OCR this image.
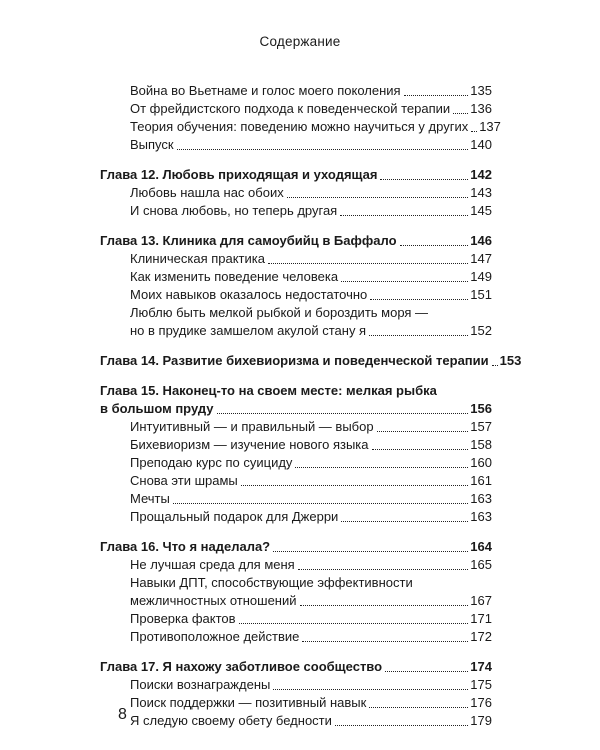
Содержание
Война во Вьетнаме и голос моего поколения	135
От фрейдистского подхода к поведенческой терапии 136
Теория обучения: поведению можно научиться у других 137
Выпуск	140
Глава 12. Любовь приходящая и уходящая	142
Любовь нашла нас обоих	143
И снова любовь, но теперь другая	145
Глава 13. Клиника для самоубийц в Баффало	146
Клиническая практика	147
Как изменить поведение человека	149
Моих навыков оказалось недостаточно	151
Люблю быть мелкой рыбкой и бороздить моря —
но в прудике замшелом акулой стану я	152
Глава 14. Развитие бихевиоризма и поведенческой терапии 153
Глава 15. Наконец-то на своем месте: мелкая рыбка
в большом пруду	156
Интуитивный — и правильный — выбор	157
Бихевиоризм — изучение нового языка	158
Преподаю курс по суициду	160
Снова эти шрамы	161
Мечты	163
Прощальный подарок для Джерри	163
Глава 16. Что я наделала?	164
Не лучшая среда для меня	165
Навыки ДПТ, способствующие эффективности
межличностных отношений	167
Проверка фактов	171
Противоположное действие	172
Глава 17. Я нахожу заботливое сообщество	174
Поиски вознаграждены	175
Поиск поддержки — позитивный навык	176
Я следую своему обету бедности	179
8
